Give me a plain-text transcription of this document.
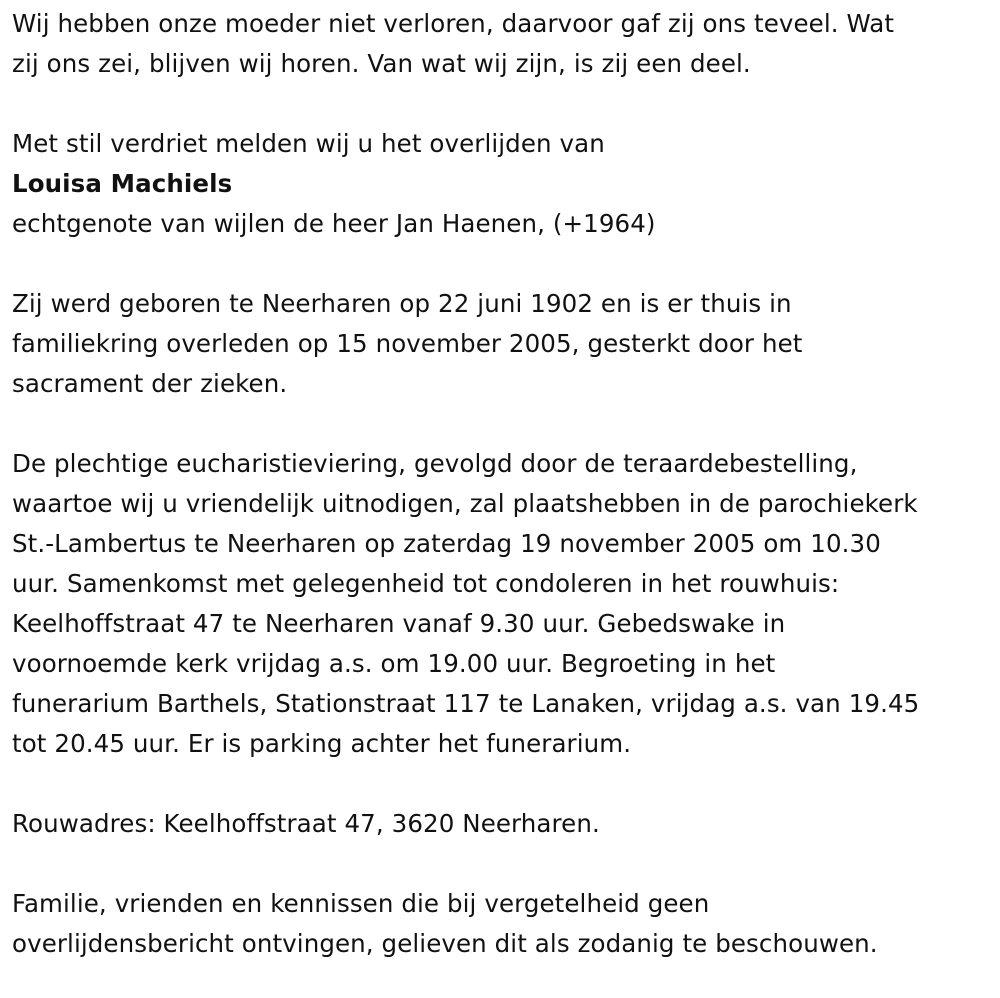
Wij hebben onze moeder niet verloren, daarvoor gaf zij ons teveel. Wat

zij ons zei, blijven wij horen. Van wat wij zijn, is zij een deel.

Met stil verdriet melden wij u het overlijden van

Louisa Machiels

echtgenote van wijlen de heer Jan Haenen, (+1964)

Zij werd geboren te Neerharen op 22 juni 1902 en is er thuis in

familiekring overleden op 15 november 2005, gesterkt door het

sacrament der zieken.

De plechtige eucharistieviering, gevolgd door de teraardebestelling,

waartoe wij u vriendelijk uitnodigen, zal plaatshebben in de parochiekerk

St.-Lambertus te Neerharen op zaterdag 19 november 2005 om 10.30

uur. Samenkomst met gelegenheid tot condoleren in het rouwhuis:

Keelhoffstraat 47 te Neerharen vanaf 9.30 uur. Gebedswake in

voornoemde kerk vrijdag a.s. om 19.00 uur. Begroeting in het

funerarium Barthels, Stationstraat 117 te Lanaken, vrijdag a.s. van 19.45

tot 20.45 uur. Er is parking achter het funerarium.

Rouwadres: Keelhoffstraat 47, 3620 Neerharen.

Familie, vrienden en kennissen die bij vergetelheid geen

overlijdensbericht ontvingen, gelieven dit als zodanig te beschouwen.
